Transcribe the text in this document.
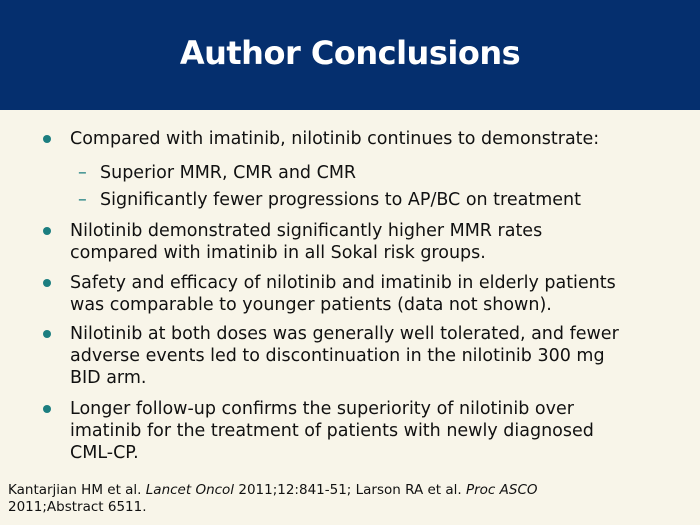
Author Conclusions
Compared with imatinib, nilotinib continues to demonstrate:
– Superior MMR, CMR and CMR
– Significantly fewer progressions to AP/BC on treatment
Nilotinib demonstrated significantly higher MMR rates
compared with imatinib in all Sokal risk groups.
Safety and efficacy of nilotinib and imatinib in elderly patients
was comparable to younger patients (data not shown).
Nilotinib at both doses was generally well tolerated, and fewer
adverse events led to discontinuation in the nilotinib 300 mg
BID arm.
Longer follow-up confirms the superiority of nilotinib over
imatinib for the treatment of patients with newly diagnosed
CML-CP.
Kantarjian HM et al. Lancet Oncol 2011;12:841-51; Larson RA et al. Proc ASCO
2011;Abstract 6511.
